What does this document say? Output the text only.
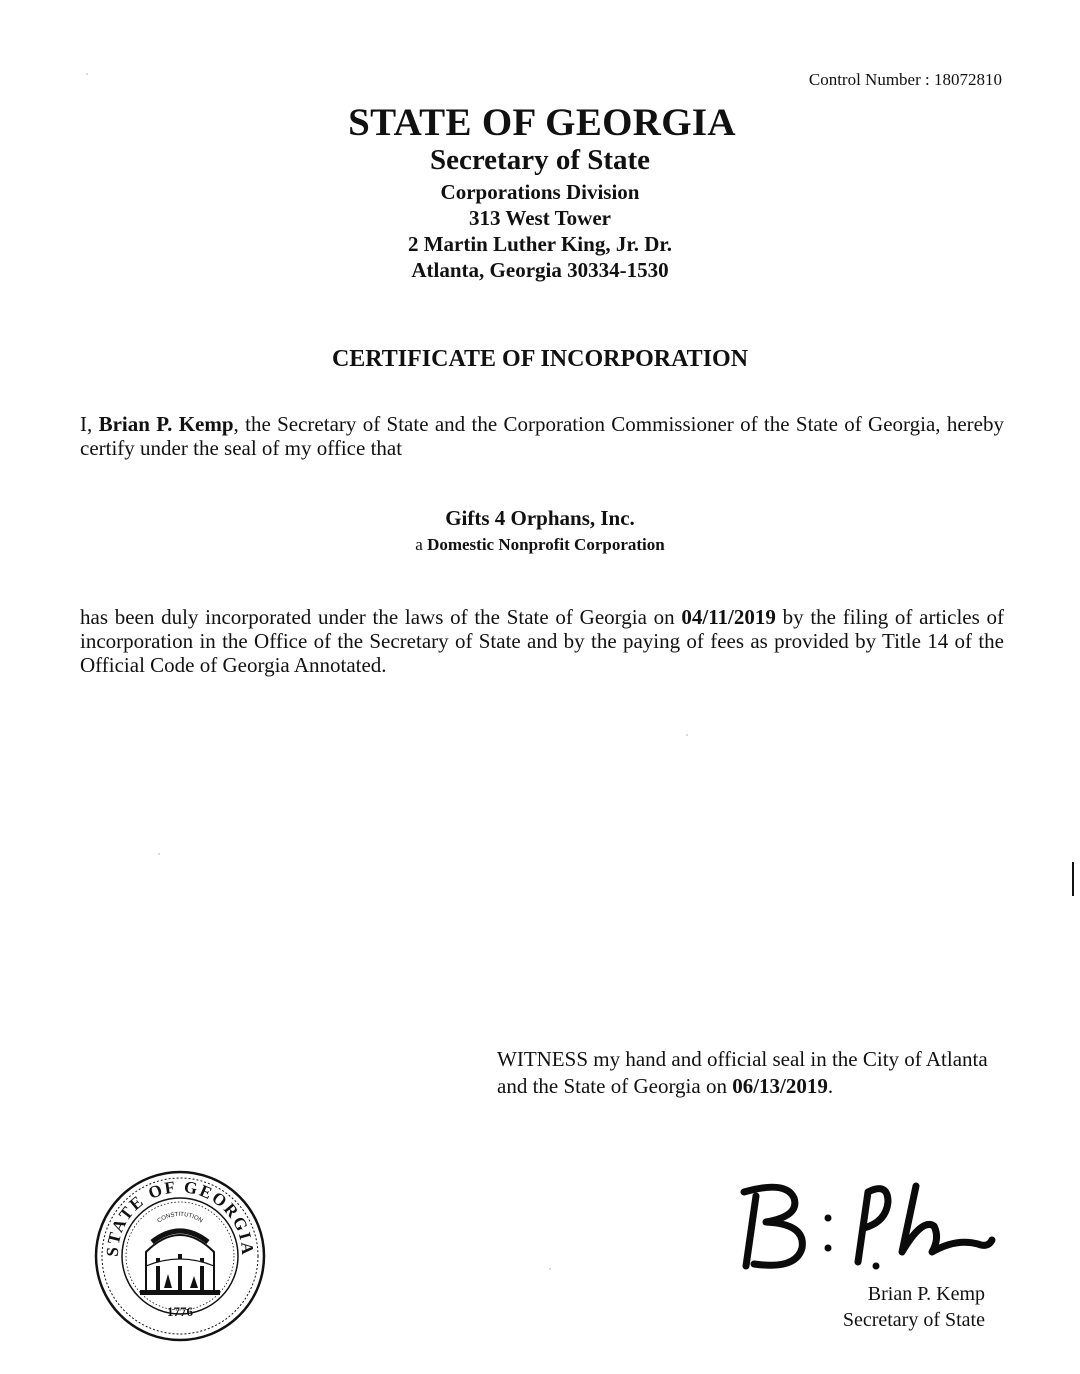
Control Number : 18072810
STATE OF GEORGIA
Secretary of State
Corporations Division
313 West Tower
2 Martin Luther King, Jr. Dr.
Atlanta, Georgia 30334-1530
CERTIFICATE OF INCORPORATION
I, Brian P. Kemp, the Secretary of State and the Corporation Commissioner of the State of Georgia, hereby certify under the seal of my office that
Gifts 4 Orphans, Inc.
a Domestic Nonprofit Corporation
has been duly incorporated under the laws of the State of Georgia on 04/11/2019 by the filing of articles of incorporation in the Office of the Secretary of State and by the paying of fees as provided by Title 14 of the Official Code of Georgia Annotated.
WITNESS my hand and official seal in the City of Atlanta and the State of Georgia on 06/13/2019.
STATE OF GEORGIA
CONSTITUTION
1776
Brian P. Kemp
Secretary of State
